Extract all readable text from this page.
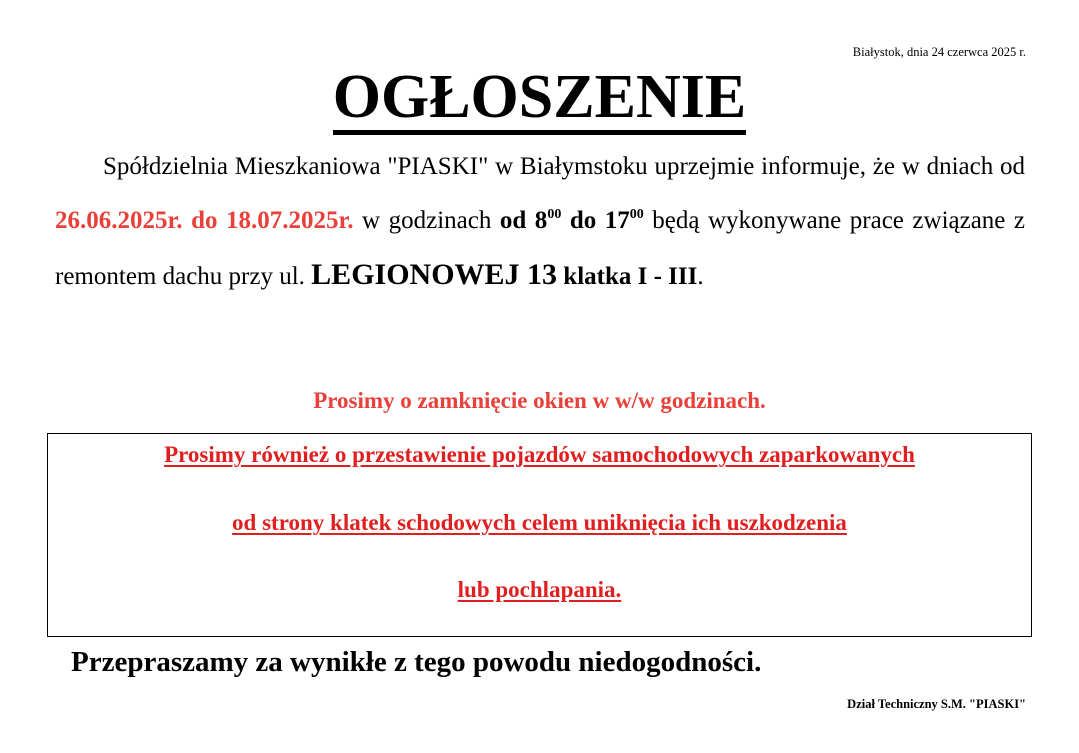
Białystok, dnia 24 czerwca 2025 r.
OGŁOSZENIE

Spółdzielnia Mieszkaniowa "PIASKI" w Białymstoku uprzejmie informuje, że w dniach od 26.06.2025r. do 18.07.2025r. w godzinach od $8^{00}$ do $17^{00}$ będą wykonywane prace związane z remontem dachu przy ul. LEGIONOWEJ 13 klatka I - III.

Prosimy o zamknięcie okien w w/w godzinach.

Prosimy również o przestawienie pojazdów samochodowych zaparkowanych

od strony klatek schodowych celem uniknięcia ich uszkodzenia

lub pochlapania.

Przepraszamy za wynikłe z tego powodu niedogodności.

Dział Techniczny S.M. "PIASKI"
